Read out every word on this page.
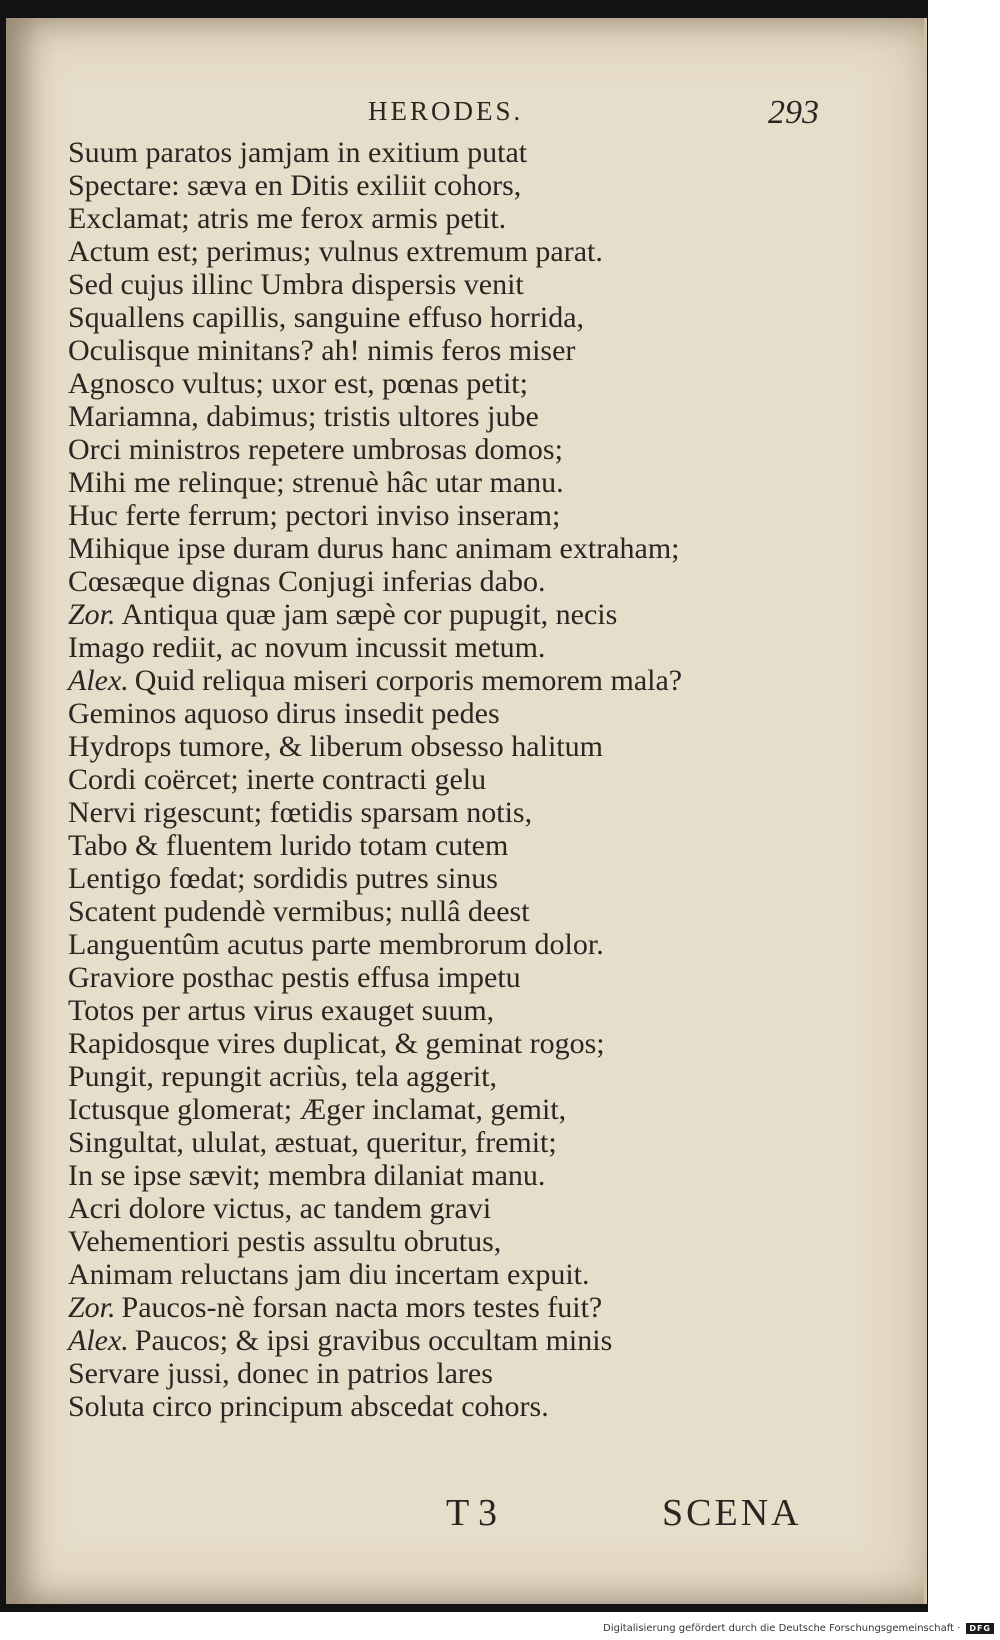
HERODES.	293
Suum paratos jamjam in exitium putat
Spectare: sæva en Ditis exiliit cohors,
Exclamat; atris me ferox armis petit.
Actum est; perimus; vulnus extremum parat.
Sed cujus illinc Umbra dispersis venit
Squallens capillis, sanguine effuso horrida,
Oculisque minitans? ah! nimis feros miser
Agnosco vultus; uxor est, pœnas petit;
Mariamna, dabimus; tristis ultores jube
Orci ministros repetere umbrosas domos;
Mihi me relinque; strenuè hâc utar manu.
Huc ferte ferrum; pectori inviso inseram;
Mihique ipse duram durus hanc animam extraham;
Cœsæque dignas Conjugi inferias dabo.
Zor. Antiqua quæ jam sæpè cor pupugit, necis
Imago rediit, ac novum incussit metum.
Alex. Quid reliqua miseri corporis memorem mala?
Geminos aquoso dirus insedit pedes
Hydrops tumore, & liberum obsesso halitum
Cordi coërcet; inerte contracti gelu
Nervi rigescunt; fœtidis sparsam notis,
Tabo & fluentem lurido totam cutem
Lentigo fœdat; sordidis putres sinus
Scatent pudendè vermibus; nullâ deest
Languentûm acutus parte membrorum dolor.
Graviore posthac pestis effusa impetu
Totos per artus virus exauget suum,
Rapidosque vires duplicat, & geminat rogos;
Pungit, repungit acriùs, tela aggerit,
Ictusque glomerat; Æger inclamat, gemit,
Singultat, ululat, æstuat, queritur, fremit;
In se ipse sævit; membra dilaniat manu.
Acri dolore victus, ac tandem gravi
Vehementiori pestis assultu obrutus,
Animam reluctans jam diu incertam expuit.
Zor. Paucos-nè forsan nacta mors testes fuit?
Alex. Paucos; & ipsi gravibus occultam minis
Servare jussi, donec in patrios lares
Soluta circo principum abscedat cohors.
T 3	SCENA
Digitalisierung gefördert durch die Deutsche Forschungsgemeinschaft ·	DFG
